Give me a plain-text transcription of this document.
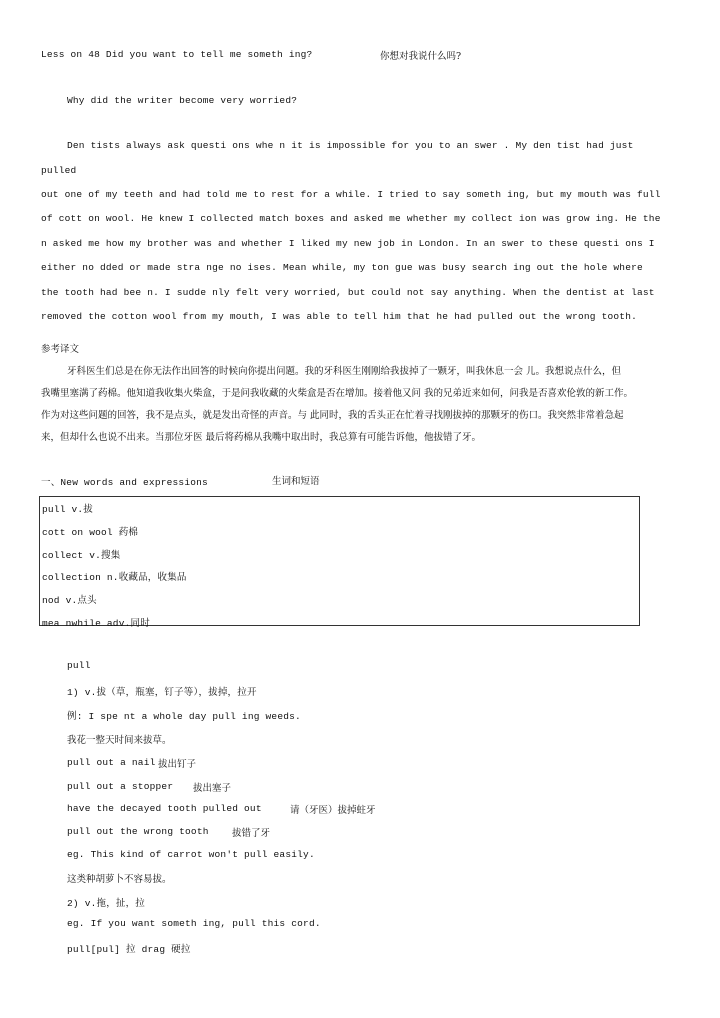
Less on 48 Did you want to tell me someth ing?	你想对我说什么吗?
Why did the writer become very worried?
Den tists always ask questi ons whe n it is impossible for you to an swer . My den tist had just
pulled
out one of my teeth and had told me to rest for a while. I tried to say someth ing, but my mouth was full
of cott on wool. He knew I collected match boxes and asked me whether my collect ion was grow ing. He the
n asked me how my brother was and whether I liked my new job in London. In an swer to these questi ons I
either no dded or made stra nge no ises. Mean while, my ton gue was busy search ing out the hole where
the tooth had bee n. I sudde nly felt very worried, but could not say anything. When the dentist at last
removed the cotton wool from my mouth, I was able to tell him that he had pulled out the wrong tooth.
参考译文
牙科医生们总是在你无法作出回答的时候向你提出问题。我的牙科医生刚刚给我拔掉了一颗牙，叫我休息一会 儿。我想说点什么，但
我嘴里塞满了药棉。他知道我收集火柴盒，于是问我收藏的火柴盒是否在增加。接着他又问 我的兄弟近来如何，问我是否喜欢伦敦的新工作。
作为对这些问题的回答，我不是点头，就是发出奇怪的声音。与 此同时，我的舌头正在忙着寻找刚拔掉的那颗牙的伤口。我突然非常着急起
来，但却什么也说不出来。当那位牙医 最后将药棉从我嘴中取出时，我总算有可能告诉他，他拔错了牙。
一、New words and expressions	生词和短语
pull v.拔
cott on wool 药棉
collect v.搜集
collection n.收藏品，收集品
nod v.点头
mea nwhile adv.同时
pull
1) v.拔（草，瓶塞，钉子等），拔掉，拉开
例: I spe nt a whole day pull ing weeds.
我花一整天时间来拔草。
pull out a nail 拔出钉子
pull out a stopper 拔出塞子
have the decayed tooth pulled out	请（牙医）拔掉蛀牙
pull out the wrong tooth 拔错了牙
eg. This kind of carrot won't pull easily.
这类种胡萝卜不容易拔。
2) v.拖，扯，拉
eg. If you want someth ing, pull this cord.
pull[pul] 拉 drag 硬拉
